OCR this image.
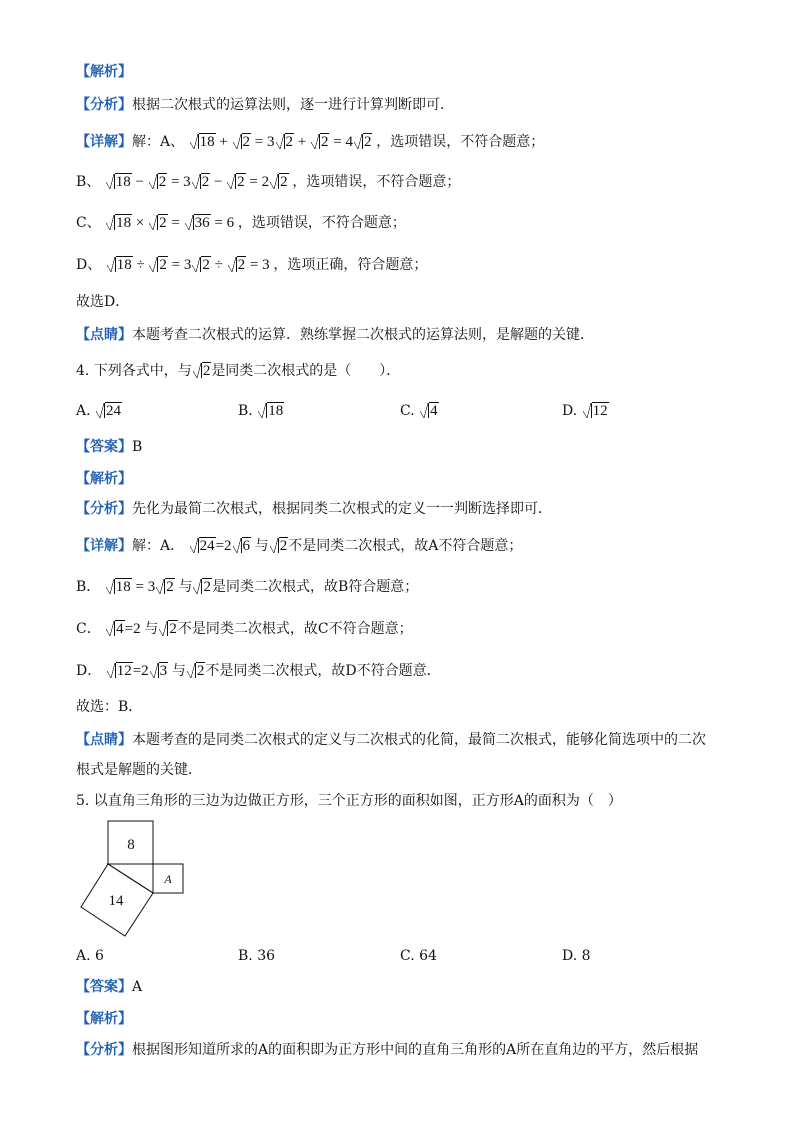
【解析】
【分析】根据二次根式的运算法则，逐一进行计算判断即可．
【详解】解：A、 18 + 2 = 3 2 + 2 = 4 2 ，选项错误，不符合题意；
B、 18 − 2 = 3 2 − 2 = 2 2 ，选项错误，不符合题意；
C、 18 × 2 = 36 = 6 ，选项错误，不符合题意；
D、 18 ÷ 2 = 3 2 ÷ 2 = 3 ，选项正确，符合题意；
故选D．
【点睛】本题考查二次根式的运算．熟练掌握二次根式的运算法则，是解题的关键．
4. 下列各式中，与 2是同类二次根式的是（　　）．
A. 24	B. 18	C. 4	D. 12
【答案】B
【解析】
【分析】先化为最简二次根式，根据同类二次根式的定义一一判断选择即可．
【详解】解：A． 24=2 6 与 2不是同类二次根式，故A不符合题意；
B． 18 = 3 2 与 2是同类二次根式，故B符合题意；
C． 4=2 与 2不是同类二次根式，故C不符合题意；
D． 12=2 3 与 2不是同类二次根式，故D不符合题意．
故选：B．
【点睛】本题考查的是同类二次根式的定义与二次根式的化简，最简二次根式，能够化简选项中的二次
根式是解题的关键．
5. 以直角三角形的三边为边做正方形，三个正方形的面积如图，正方形A的面积为（　）
8
14
A
A. 6	B. 36	C. 64	D. 8
【答案】A
【解析】
【分析】根据图形知道所求的A的面积即为正方形中间的直角三角形的A所在直角边的平方，然后根据
